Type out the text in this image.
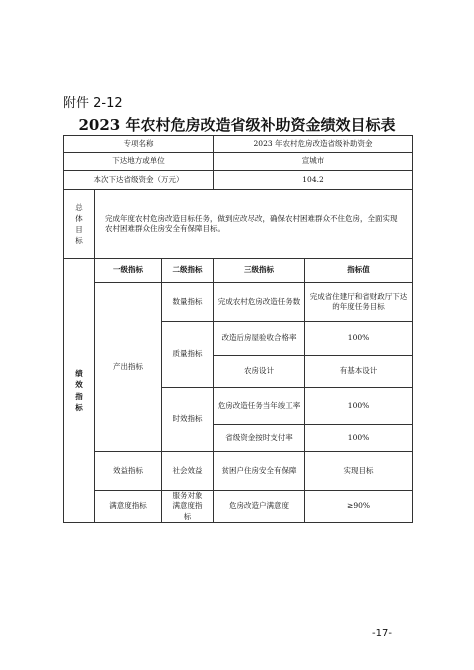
附件 2-12
2023 年农村危房改造省级补助资金绩效目标表
专项名称			2023 年农村危房改造省级补助资金	
下达地方或单位			宣城市	
本次下达省级资金（万元）			104.2	

总体目标	完成年度农村危房改造目标任务，做到应改尽改，确保农村困难群众不住危房，全面实现农村困难群众住房安全有保障目标。			

绩效指标	一级指标	二级指标	三级指标	指标值
	产出指标	数量指标	完成农村危房改造任务数	完成省住建厅和省财政厅下达的年度任务目标
		质量指标	改造后房屋验收合格率	100%
			农房设计	有基本设计
		时效指标	危房改造任务当年竣工率	100%
			省级资金按时支付率	100%
	效益指标	社会效益	贫困户住房安全有保障	实现目标
	满意度指标	服务对象满意度指标	危房改造户满意度	≥90%
-17-
